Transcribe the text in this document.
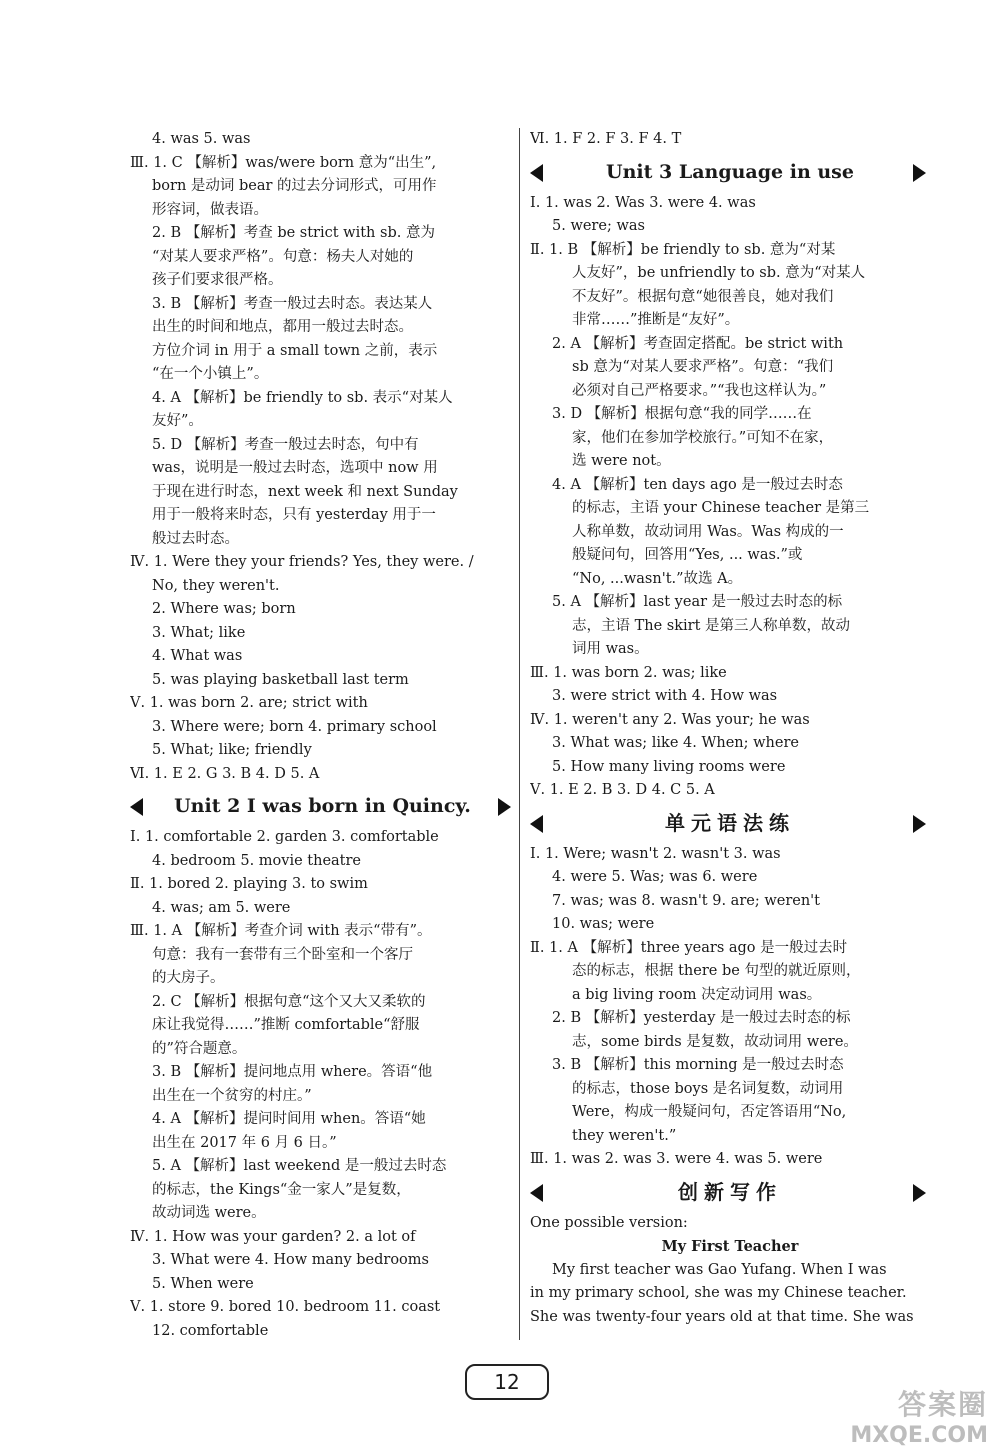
4. was 5. was
Ⅲ. 1. C 【解析】was/were born 意为“出生”,
born 是动词 bear 的过去分词形式，可用作
形容词，做表语。
2. B 【解析】考查 be strict with sb. 意为
“对某人要求严格”。句意：杨夫人对她的
孩子们要求很严格。
3. B 【解析】考查一般过去时态。表达某人
出生的时间和地点，都用一般过去时态。
方位介词 in 用于 a small town 之前，表示
“在一个小镇上”。
4. A 【解析】be friendly to sb. 表示“对某人
友好”。
5. D 【解析】考查一般过去时态，句中有
was，说明是一般过去时态，选项中 now 用
于现在进行时态，next week 和 next Sunday
用于一般将来时态，只有 yesterday 用于一
般过去时态。
Ⅳ. 1. Were they your friends? Yes, they were. /
No, they weren't.
2. Where was; born
3. What; like
4. What was
5. was playing basketball last term
Ⅴ. 1. was born 2. are; strict with
3. Where were; born 4. primary school
5. What; like; friendly
Ⅵ. 1. E 2. G 3. B 4. D 5. A
Unit 2 I was born in Quincy.
Ⅰ. 1. comfortable 2. garden 3. comfortable
4. bedroom 5. movie theatre
Ⅱ. 1. bored 2. playing 3. to swim
4. was; am 5. were
Ⅲ. 1. A 【解析】考查介词 with 表示“带有”。
句意：我有一套带有三个卧室和一个客厅
的大房子。
2. C 【解析】根据句意“这个又大又柔软的
床让我觉得……”推断 comfortable“舒服
的”符合题意。
3. B 【解析】提问地点用 where。答语“他
出生在一个贫穷的村庄。”
4. A 【解析】提问时间用 when。答语“她
出生在 2017 年 6 月 6 日。”
5. A 【解析】last weekend 是一般过去时态
的标志，the Kings“金一家人”是复数，
故动词选 were。
Ⅳ. 1. How was your garden? 2. a lot of
3. What were 4. How many bedrooms
5. When were
Ⅴ. 1. store 9. bored 10. bedroom 11. coast
12. comfortable
Ⅵ. 1. F 2. F 3. F 4. T
Unit 3 Language in use
Ⅰ. 1. was 2. Was 3. were 4. was
5. were; was
Ⅱ. 1. B 【解析】be friendly to sb. 意为“对某
人友好”，be unfriendly to sb. 意为“对某人
不友好”。根据句意“她很善良，她对我们
非常……”推断是“友好”。
2. A 【解析】考查固定搭配。be strict with
sb 意为“对某人要求严格”。句意：“我们
必须对自己严格要求。”“我也这样认为。”
3. D 【解析】根据句意“我的同学……在
家，他们在参加学校旅行。”可知不在家，
选 were not。
4. A 【解析】ten days ago 是一般过去时态
的标志，主语 your Chinese teacher 是第三
人称单数，故动词用 Was。Was 构成的一
般疑问句，回答用“Yes, ... was.”或
“No, ...wasn't.”故选 A。
5. A 【解析】last year 是一般过去时态的标
志，主语 The skirt 是第三人称单数，故动
词用 was。
Ⅲ. 1. was born 2. was; like
3. were strict with 4. How was
Ⅳ. 1. weren't any 2. Was your; he was
3. What was; like 4. When; where
5. How many living rooms were
Ⅴ. 1. E 2. B 3. D 4. C 5. A
单元语法练
Ⅰ. 1. Were; wasn't 2. wasn't 3. was
4. were 5. Was; was 6. were
7. was; was 8. wasn't 9. are; weren't
10. was; were
Ⅱ. 1. A 【解析】three years ago 是一般过去时
态的标志，根据 there be 句型的就近原则，
a big living room 决定动词用 was。
2. B 【解析】yesterday 是一般过去时态的标
志，some birds 是复数，故动词用 were。
3. B 【解析】this morning 是一般过去时态
的标志，those boys 是名词复数，动词用
Were，构成一般疑问句，否定答语用“No,
they weren't.”
Ⅲ. 1. was 2. was 3. were 4. was 5. were
创新写作
One possible version:
My First Teacher
My first teacher was Gao Yufang. When I was
in my primary school, she was my Chinese teacher.
She was twenty-four years old at that time. She was
12
答案圈
MXQE.COM
